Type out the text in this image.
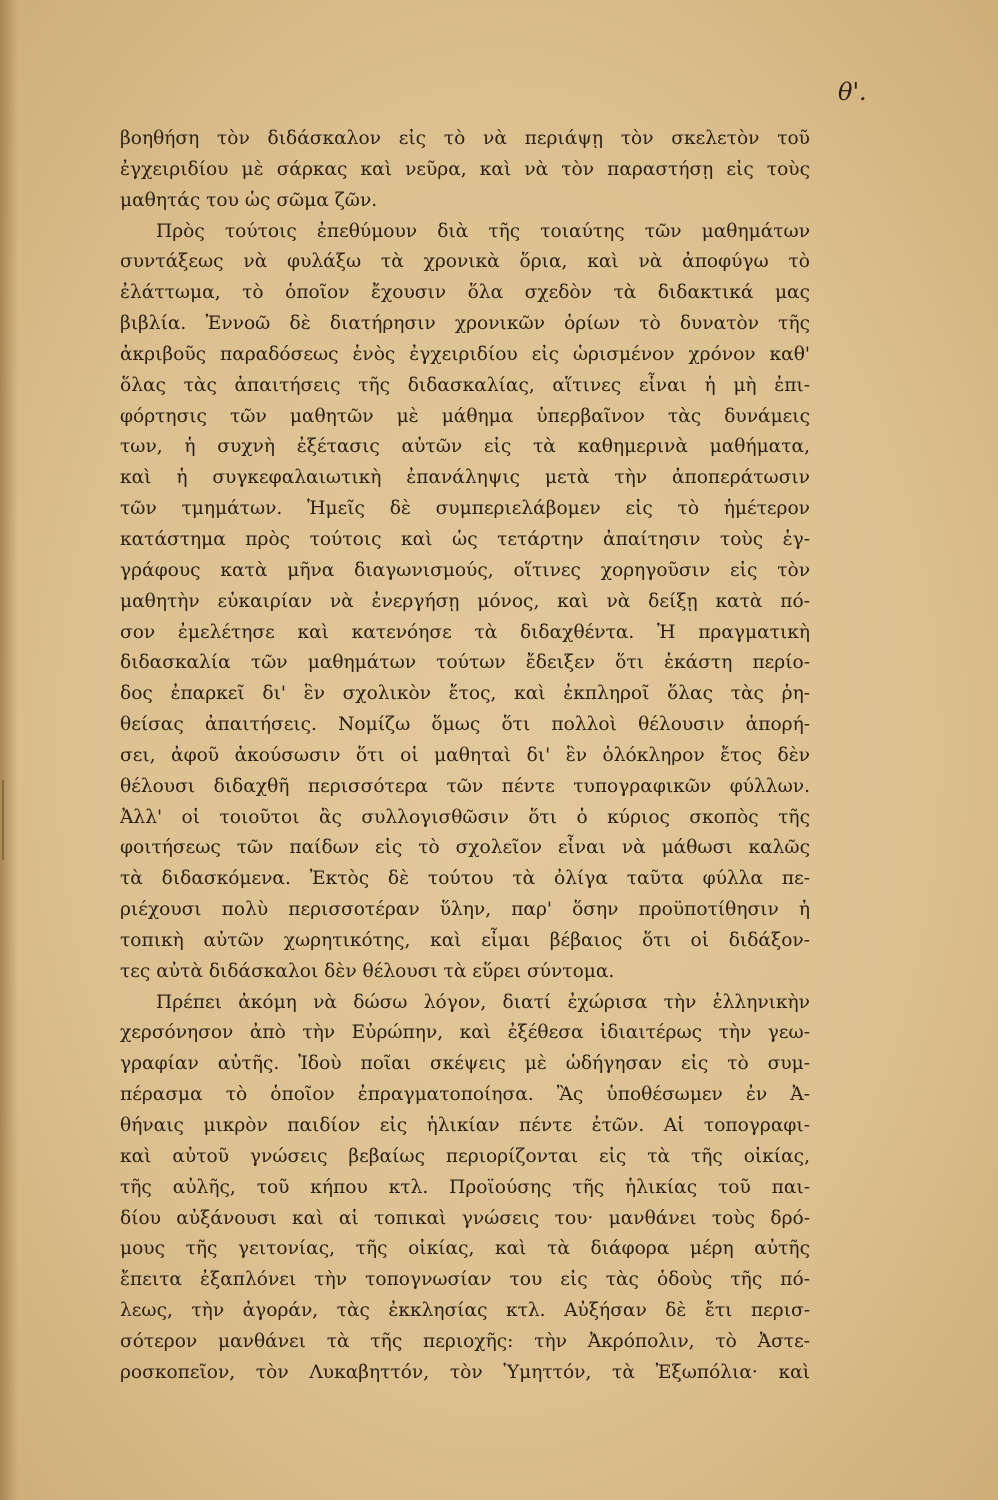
θ'.
βοηθήση τὸν διδάσκαλον εἰς τὸ νὰ περιάψῃ τὸν σκελετὸν τοῦ
ἐγχειριδίου μὲ σάρκας καὶ νεῦρα, καὶ νὰ τὸν παραστήσῃ εἰς τοὺς
μαθητάς του ὡς σῶμα ζῶν.
Πρὸς τούτοις ἐπεθύμουν διὰ τῆς τοιαύτης τῶν μαθημάτων
συντάξεως νὰ φυλάξω τὰ χρονικὰ ὅρια, καὶ νὰ ἀποφύγω τὸ
ἐλάττωμα, τὸ ὁποῖον ἔχουσιν ὅλα σχεδὸν τὰ διδακτικά μας
βιβλία. Ἐννοῶ δὲ διατήρησιν χρονικῶν ὁρίων τὸ δυνατὸν τῆς
ἀκριβοῦς παραδόσεως ἑνὸς ἐγχειριδίου εἰς ὡρισμένον χρόνον καθ'
ὅλας τὰς ἀπαιτήσεις τῆς διδασκαλίας, αἵτινες εἶναι ἡ μὴ ἐπι-
φόρτησις τῶν μαθητῶν μὲ μάθημα ὑπερβαῖνον τὰς δυνάμεις
των, ἡ συχνὴ ἐξέτασις αὐτῶν εἰς τὰ καθημερινὰ μαθήματα,
καὶ ἡ συγκεφαλαιωτικὴ ἐπανάληψις μετὰ τὴν ἀποπεράτωσιν
τῶν τμημάτων. Ἡμεῖς δὲ συμπεριελάβομεν εἰς τὸ ἡμέτερον
κατάστημα πρὸς τούτοις καὶ ὡς τετάρτην ἀπαίτησιν τοὺς ἐγ-
γράφους κατὰ μῆνα διαγωνισμούς, οἵτινες χορηγοῦσιν εἰς τὸν
μαθητὴν εὐκαιρίαν νὰ ἐνεργήσῃ μόνος, καὶ νὰ δείξῃ κατὰ πό-
σον ἐμελέτησε καὶ κατενόησε τὰ διδαχθέντα. Ἡ πραγματικὴ
διδασκαλία τῶν μαθημάτων τούτων ἔδειξεν ὅτι ἑκάστη περίο-
δος ἐπαρκεῖ δι' ἓν σχολικὸν ἔτος, καὶ ἐκπληροῖ ὅλας τὰς ῥη-
θείσας ἀπαιτήσεις. Νομίζω ὅμως ὅτι πολλοὶ θέλουσιν ἀπορή-
σει, ἀφοῦ ἀκούσωσιν ὅτι οἱ μαθηταὶ δι' ἓν ὁλόκληρον ἔτος δὲν
θέλουσι διδαχθῆ περισσότερα τῶν πέντε τυπογραφικῶν φύλλων.
Ἀλλ' οἱ τοιοῦτοι ἂς συλλογισθῶσιν ὅτι ὁ κύριος σκοπὸς τῆς
φοιτήσεως τῶν παίδων εἰς τὸ σχολεῖον εἶναι νὰ μάθωσι καλῶς
τὰ διδασκόμενα. Ἐκτὸς δὲ τούτου τὰ ὀλίγα ταῦτα φύλλα πε-
ριέχουσι πολὺ περισσοτέραν ὕλην, παρ' ὅσην προϋποτίθησιν ἡ
τοπικὴ αὐτῶν χωρητικότης, καὶ εἶμαι βέβαιος ὅτι οἱ διδάξον-
τες αὐτὰ διδάσκαλοι δὲν θέλουσι τὰ εὕρει σύντομα.
Πρέπει ἀκόμη νὰ δώσω λόγον, διατί ἐχώρισα τὴν ἑλληνικὴν
χερσόνησον ἀπὸ τὴν Εὐρώπην, καὶ ἐξέθεσα ἰδιαιτέρως τὴν γεω-
γραφίαν αὐτῆς. Ἰδοὺ ποῖαι σκέψεις μὲ ὡδήγησαν εἰς τὸ συμ-
πέρασμα τὸ ὁποῖον ἐπραγματοποίησα. Ἂς ὑποθέσωμεν ἐν Ἀ-
θήναις μικρὸν παιδίον εἰς ἡλικίαν πέντε ἐτῶν. Αἱ τοπογραφι-
καὶ αὐτοῦ γνώσεις βεβαίως περιορίζονται εἰς τὰ τῆς οἰκίας,
τῆς αὐλῆς, τοῦ κήπου κτλ. Προϊούσης τῆς ἡλικίας τοῦ παι-
δίου αὐξάνουσι καὶ αἱ τοπικαὶ γνώσεις του· μανθάνει τοὺς δρό-
μους τῆς γειτονίας, τῆς οἰκίας, καὶ τὰ διάφορα μέρη αὐτῆς
ἔπειτα ἐξαπλόνει τὴν τοπογνωσίαν του εἰς τὰς ὁδοὺς τῆς πό-
λεως, τὴν ἀγοράν, τὰς ἐκκλησίας κτλ. Αὐξήσαν δὲ ἔτι περισ-
σότερον μανθάνει τὰ τῆς περιοχῆς: τὴν Ἀκρόπολιν, τὸ Ἀστε-
ροσκοπεῖον, τὸν Λυκαβηττόν, τὸν Ὑμηττόν, τὰ Ἐξωπόλια· καὶ
